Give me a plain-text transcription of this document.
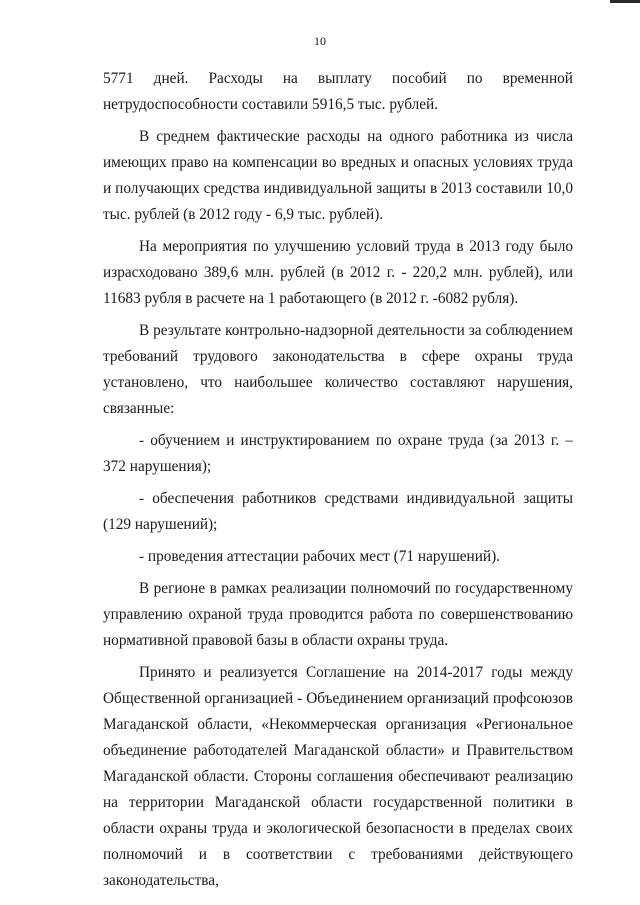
10

5771 дней. Расходы на выплату пособий по временной нетрудоспособности составили 5916,5 тыс. рублей.

В среднем фактические расходы на одного работника из числа имеющих право на компенсации во вредных и опасных условиях труда и получающих средства индивидуальной защиты в 2013 составили 10,0 тыс. рублей (в 2012 году - 6,9 тыс. рублей).

На мероприятия по улучшению условий труда в 2013 году было израсходовано 389,6 млн. рублей (в 2012 г. - 220,2 млн. рублей), или 11683 рубля в расчете на 1 работающего (в 2012 г. -6082 рубля).

В результате контрольно-надзорной деятельности за соблюдением требований трудового законодательства в сфере охраны труда установлено, что наибольшее количество составляют нарушения, связанные:

- обучением и инструктированием по охране труда (за 2013 г. – 372 нарушения);

- обеспечения работников средствами индивидуальной защиты (129 нарушений);

- проведения аттестации рабочих мест (71 нарушений).

В регионе в рамках реализации полномочий по государственному управлению охраной труда проводится работа по совершенствованию нормативной правовой базы в области охраны труда.

Принято и реализуется Соглашение на 2014-2017 годы между Общественной организацией - Объединением организаций профсоюзов Магаданской области, «Некоммерческая организация «Региональное объединение работодателей Магаданской области» и Правительством Магаданской области. Стороны соглашения обеспечивают реализацию на территории Магаданской области государственной политики в области охраны труда и экологической безопасности в пределах своих полномочий и в соответствии с требованиями действующего законодательства,
